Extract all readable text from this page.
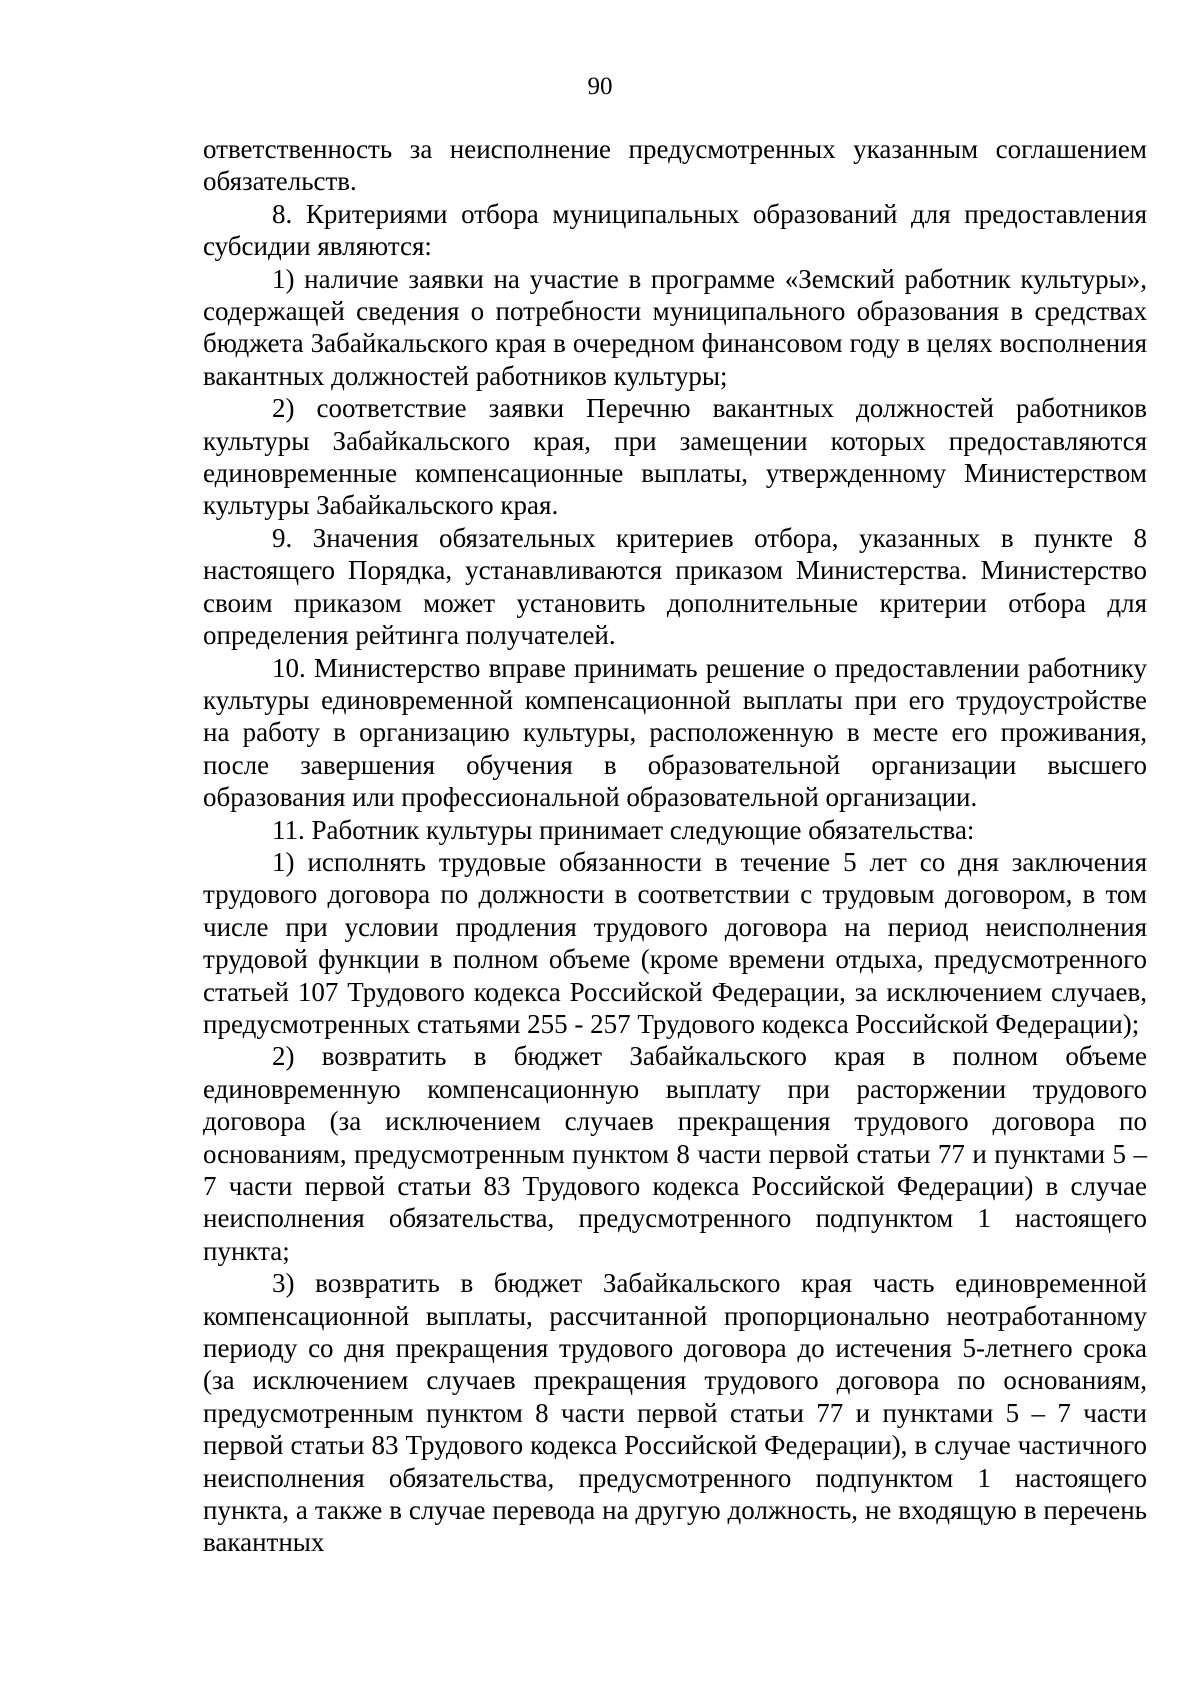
90

ответственность за неисполнение предусмотренных указанным соглашением обязательств.

8. Критериями отбора муниципальных образований для предоставления субсидии являются:

1) наличие заявки на участие в программе «Земский работник культуры», содержащей сведения о потребности муниципального образования в средствах бюджета Забайкальского края в очередном финансовом году в целях восполнения вакантных должностей работников культуры;

2) соответствие заявки Перечню вакантных должностей работников культуры Забайкальского края, при замещении которых предоставляются единовременные компенсационные выплаты, утвержденному Министерством культуры Забайкальского края.

9. Значения обязательных критериев отбора, указанных в пункте 8 настоящего Порядка, устанавливаются приказом Министерства. Министерство своим приказом может установить дополнительные критерии отбора для определения рейтинга получателей.

10. Министерство вправе принимать решение о предоставлении работнику культуры единовременной компенсационной выплаты при его трудоустройстве на работу в организацию культуры, расположенную в месте его проживания, после завершения обучения в образовательной организации высшего образования или профессиональной образовательной организации.

11. Работник культуры принимает следующие обязательства:

1) исполнять трудовые обязанности в течение 5 лет со дня заключения трудового договора по должности в соответствии с трудовым договором, в том числе при условии продления трудового договора на период неисполнения трудовой функции в полном объеме (кроме времени отдыха, предусмотренного статьей 107 Трудового кодекса Российской Федерации, за исключением случаев, предусмотренных статьями 255 - 257 Трудового кодекса Российской Федерации);

2) возвратить в бюджет Забайкальского края в полном объеме единовременную компенсационную выплату при расторжении трудового договора (за исключением случаев прекращения трудового договора по основаниям, предусмотренным пунктом 8 части первой статьи 77 и пунктами 5 – 7 части первой статьи 83 Трудового кодекса Российской Федерации) в случае неисполнения обязательства, предусмотренного подпунктом 1 настоящего пункта;

3) возвратить в бюджет Забайкальского края часть единовременной компенсационной выплаты, рассчитанной пропорционально неотработанному периоду со дня прекращения трудового договора до истечения 5-летнего срока (за исключением случаев прекращения трудового договора по основаниям, предусмотренным пунктом 8 части первой статьи 77 и пунктами 5 – 7 части первой статьи 83 Трудового кодекса Российской Федерации), в случае частичного неисполнения обязательства, предусмотренного подпунктом 1 настоящего пункта, а также в случае перевода на другую должность, не входящую в перечень вакантных
